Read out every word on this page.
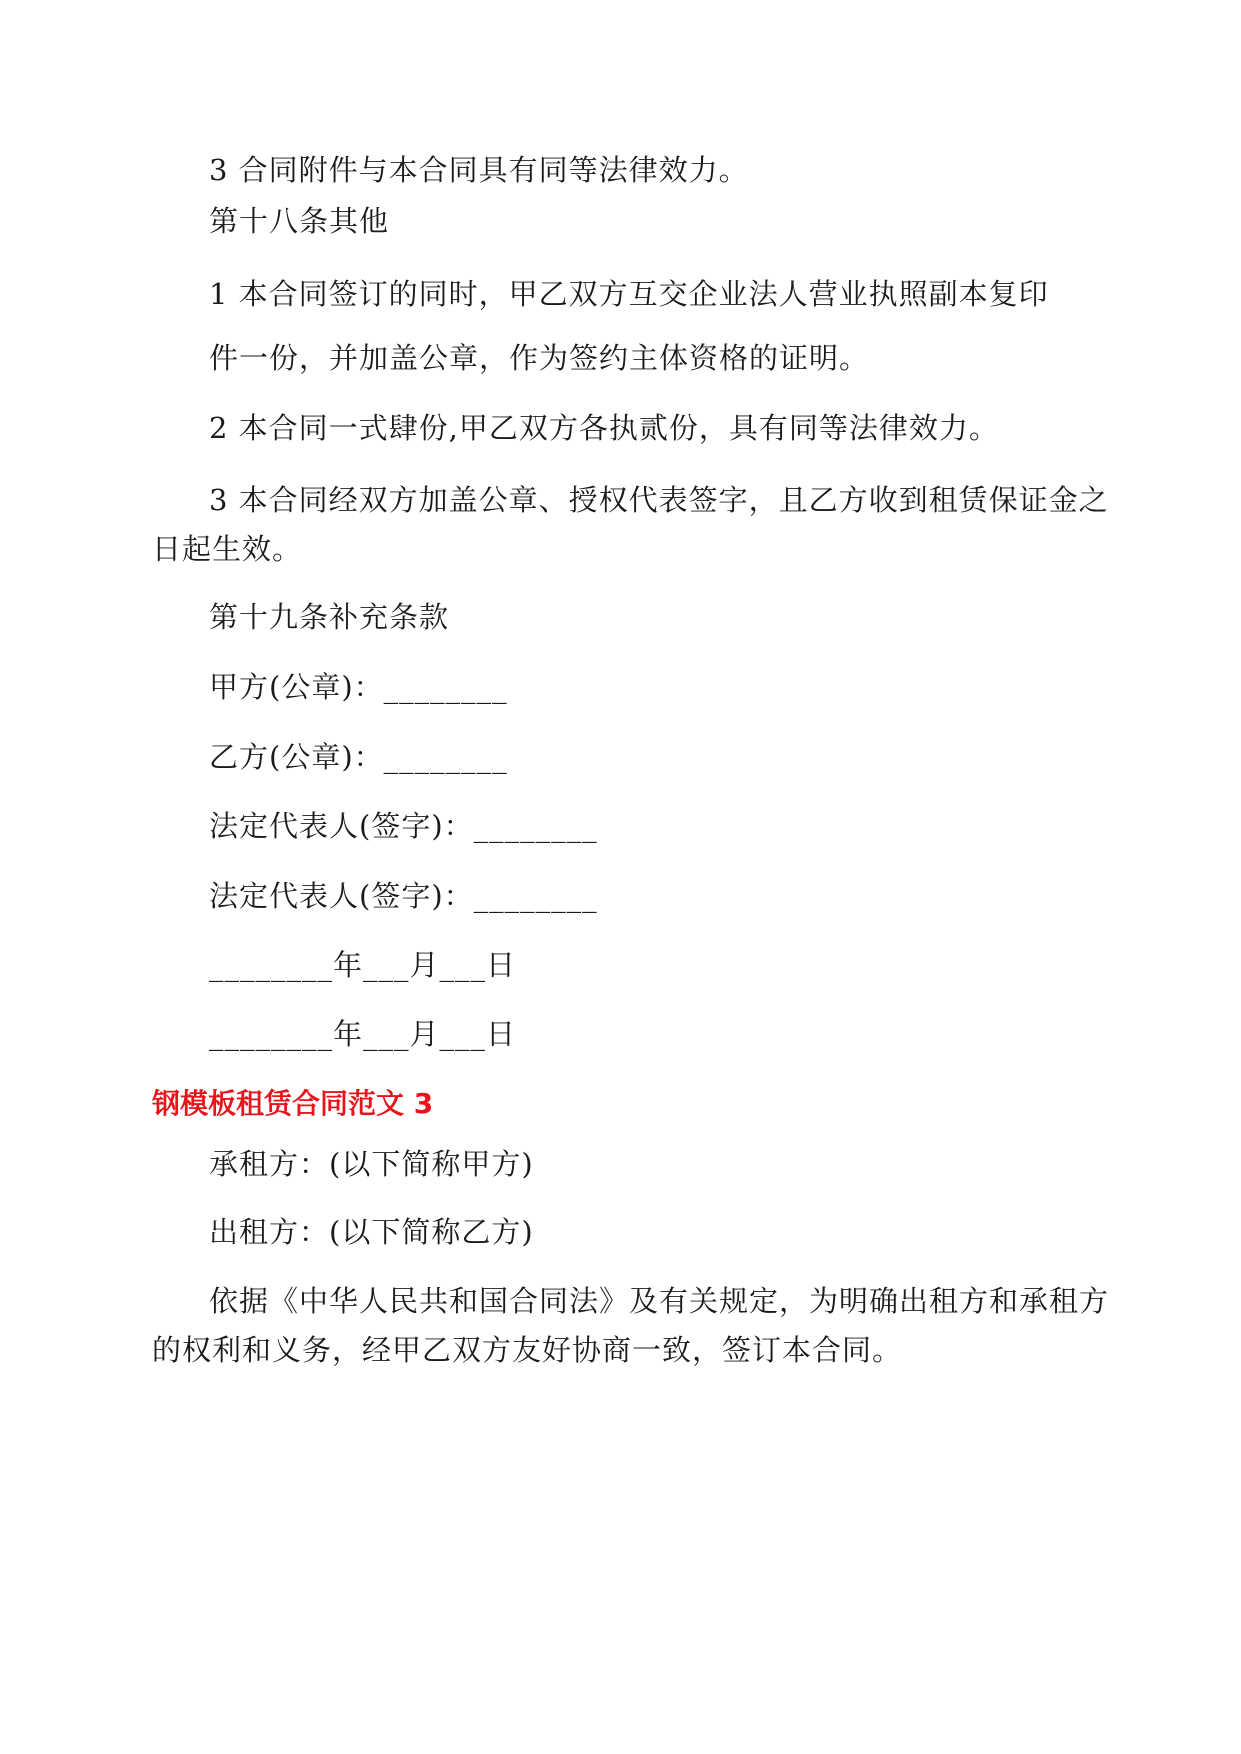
3 合同附件与本合同具有同等法律效力。
第十八条其他
1 本合同签订的同时，甲乙双方互交企业法人营业执照副本复印
件一份，并加盖公章，作为签约主体资格的证明。
2 本合同一式肆份,甲乙双方各执贰份，具有同等法律效力。
3 本合同经双方加盖公章、授权代表签字，且乙方收到租赁保证金之
日起生效。
第十九条补充条款
甲方(公章)：________
乙方(公章)：________
法定代表人(签字)：________
法定代表人(签字)：________
________年___月___日
________年___月___日
钢模板租赁合同范文 3
承租方：(以下简称甲方)
出租方：(以下简称乙方)
依据《中华人民共和国合同法》及有关规定，为明确出租方和承租方
的权利和义务，经甲乙双方友好协商一致，签订本合同。
